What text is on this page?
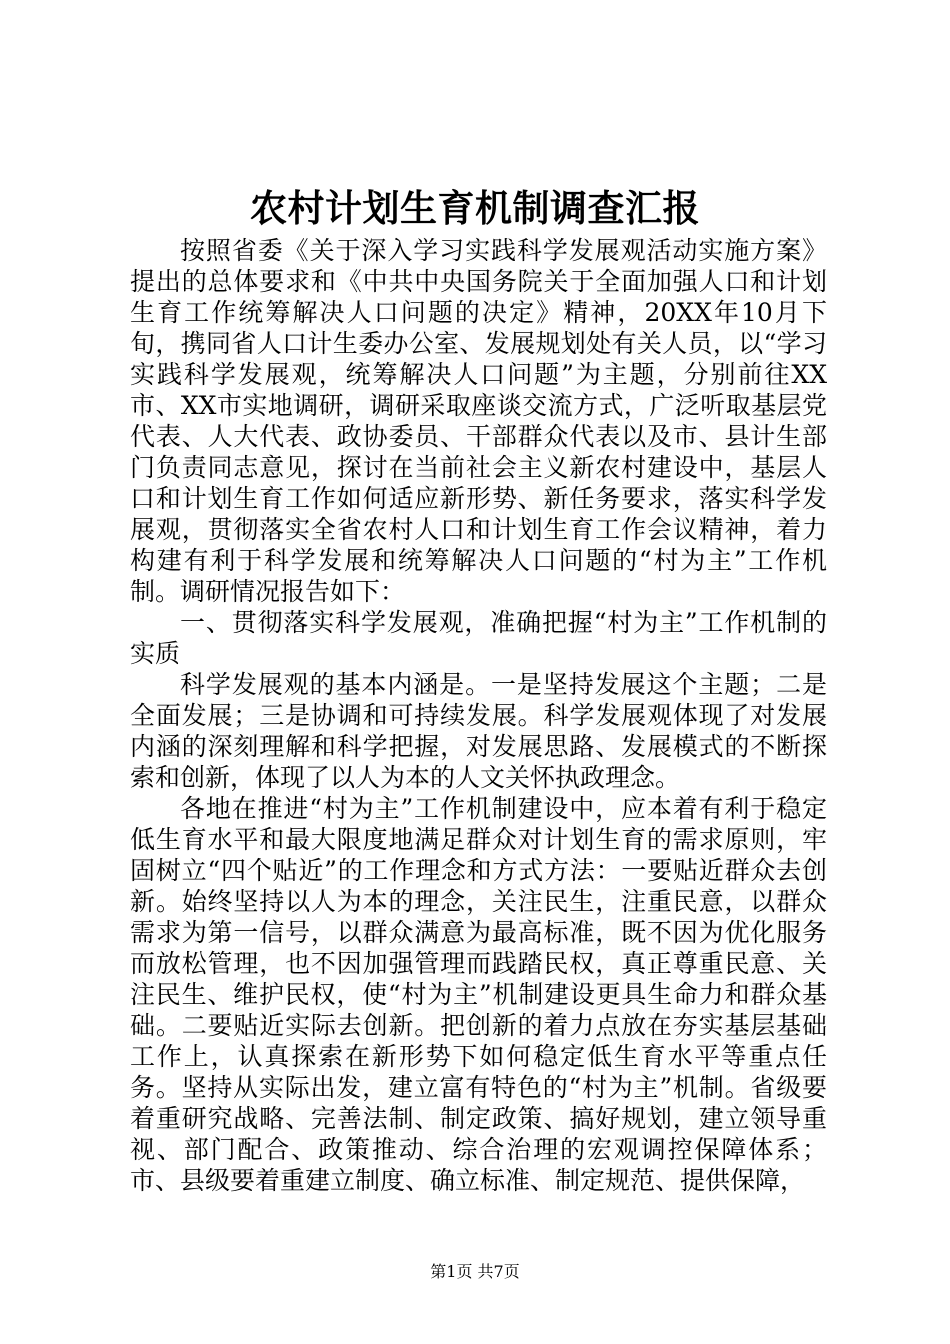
农村计划生育机制调查汇报

按照省委《关于深入学习实践科学发展观活动实施方案》提出的总体要求和《中共中央国务院关于全面加强人口和计划生育工作统筹解决人口问题的决定》精神，20XX年10月下旬，携同省人口计生委办公室、发展规划处有关人员，以“学习实践科学发展观，统筹解决人口问题”为主题，分别前往XX市、XX市实地调研，调研采取座谈交流方式，广泛听取基层党代表、人大代表、政协委员、干部群众代表以及市、县计生部门负责同志意见，探讨在当前社会主义新农村建设中，基层人口和计划生育工作如何适应新形势、新任务要求，落实科学发展观，贯彻落实全省农村人口和计划生育工作会议精神，着力构建有利于科学发展和统筹解决人口问题的“村为主”工作机制。调研情况报告如下：

一、贯彻落实科学发展观，准确把握“村为主”工作机制的实质

科学发展观的基本内涵是。一是坚持发展这个主题；二是全面发展；三是协调和可持续发展。科学发展观体现了对发展内涵的深刻理解和科学把握，对发展思路、发展模式的不断探索和创新，体现了以人为本的人文关怀执政理念。

各地在推进“村为主”工作机制建设中，应本着有利于稳定低生育水平和最大限度地满足群众对计划生育的需求原则，牢固树立“四个贴近”的工作理念和方式方法：一要贴近群众去创新。始终坚持以人为本的理念，关注民生，注重民意，以群众需求为第一信号，以群众满意为最高标准，既不因为优化服务而放松管理，也不因加强管理而践踏民权，真正尊重民意、关注民生、维护民权，使“村为主”机制建设更具生命力和群众基础。二要贴近实际去创新。把创新的着力点放在夯实基层基础工作上，认真探索在新形势下如何稳定低生育水平等重点任务。坚持从实际出发，建立富有特色的“村为主”机制。省级要着重研究战略、完善法制、制定政策、搞好规划，建立领导重视、部门配合、政策推动、综合治理的宏观调控保障体系；市、县级要着重建立制度、确立标准、制定规范、提供保障，

第1页 共7页
